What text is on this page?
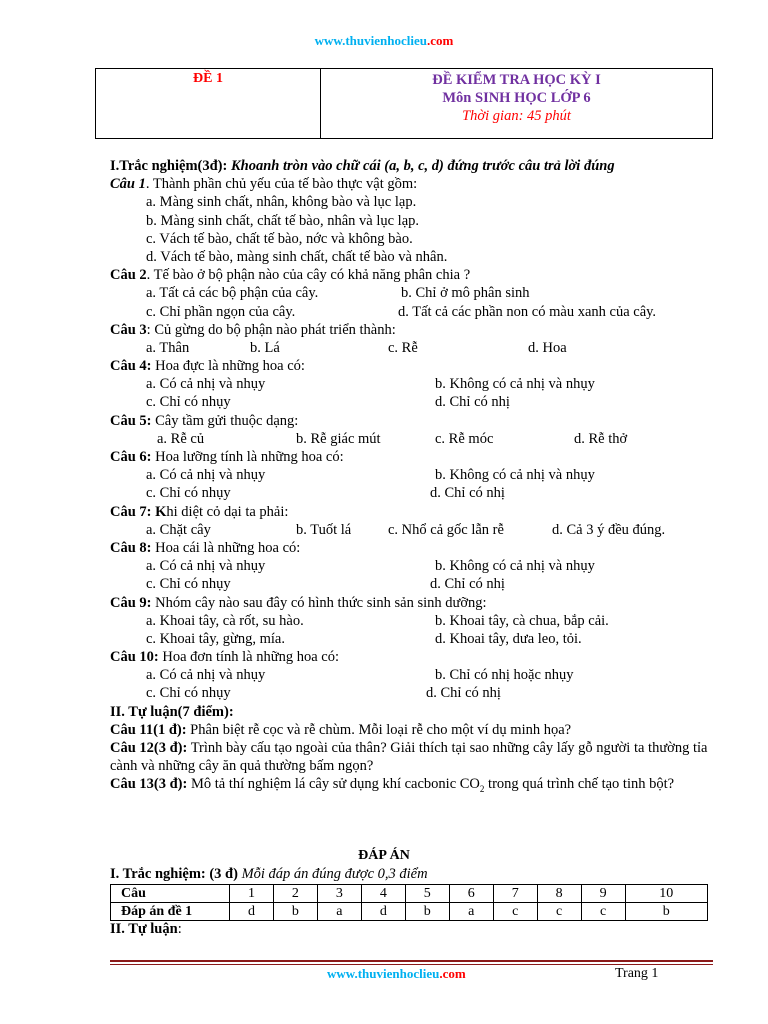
www.thuvienhoclieu.com
ĐỀ 1	ĐỀ KIỂM TRA HỌC KỲ I
Môn SINH HỌC LỚP 6
Thời gian: 45 phút
I.Trắc nghiệm(3đ): Khoanh tròn vào chữ cái (a, b, c, d) đứng trước câu trả lời đúng
Câu 1. Thành phần chủ yếu của tế bào thực vật gồm:
a. Màng sinh chất, nhân, không bào và lục lạp.
b. Màng sinh chất, chất tế bào, nhân và lục lạp.
c. Vách tế bào, chất tế bào, nớc và không bào.
d. Vách tế bào, màng sinh chất, chất tế bào và nhân.
Câu 2. Tế bào ở bộ phận nào của cây có khả năng phân chia ?
a. Tất cả các bộ phận của cây.	b. Chỉ ở mô phân sinh
c. Chỉ phần ngọn của cây.	d. Tất cả các phần non có màu xanh của cây.
Câu 3: Củ gừng do bộ phận nào phát triển thành:
a. Thân	b. Lá	c. Rễ	d. Hoa
Câu 4: Hoa đực là những hoa có:
a. Có cả nhị và nhụy	b. Không có cả nhị và nhụy
c. Chỉ có nhụy	d. Chỉ có nhị
Câu 5: Cây tầm gửi thuộc dạng:
a. Rễ củ	b. Rễ giác mút	c. Rễ móc	d. Rễ thở
Câu 6: Hoa lưỡng tính là những hoa có:
a. Có cả nhị và nhụy	b. Không có cả nhị và nhụy
c. Chỉ có nhụy	d. Chỉ có nhị
Câu 7: Khi diệt cỏ dại ta phải:
a. Chặt cây	b. Tuốt lá	c. Nhổ cả gốc lẫn rễ	d. Cả 3 ý đều đúng.
Câu 8: Hoa cái là những hoa có:
a. Có cả nhị và nhụy	b. Không có cả nhị và nhụy
c. Chỉ có nhụy	d. Chỉ có nhị
Câu 9: Nhóm cây nào sau đây có hình thức sinh sản sinh dưỡng:
a. Khoai tây, cà rốt, su hào.	b. Khoai tây, cà chua, bắp cải.
c. Khoai tây, gừng, mía.	d. Khoai tây, dưa leo, tỏi.
Câu 10: Hoa đơn tính là những hoa có:
a. Có cả nhị và nhụy	b. Chỉ có nhị hoặc nhụy
c. Chỉ có nhụy	d. Chỉ có nhị
II. Tự luận(7 điểm):
Câu 11(1 đ): Phân biệt rễ cọc và rễ chùm. Mỗi loại rễ cho một ví dụ minh họa?
Câu 12(3 đ): Trình bày cấu tạo ngoài của thân? Giải thích tại sao những cây lấy gỗ người ta thường tỉa cành và những cây ăn quả thường bấm ngọn?
Câu 13(3 đ): Mô tả thí nghiệm lá cây sử dụng khí cacbonic $CO_2$ trong quá trình chế tạo tinh bột?
ĐÁP ÁN
I. Trắc nghiệm: (3 đ) Mỗi đáp án đúng được 0,3 điểm
Câu	1	2	3	4	5	6	7	8	9	10
Đáp án đề 1	d	b	a	d	b	a	c	c	c	b
II. Tự luận:
www.thuvienhoclieu.com	Trang 1
